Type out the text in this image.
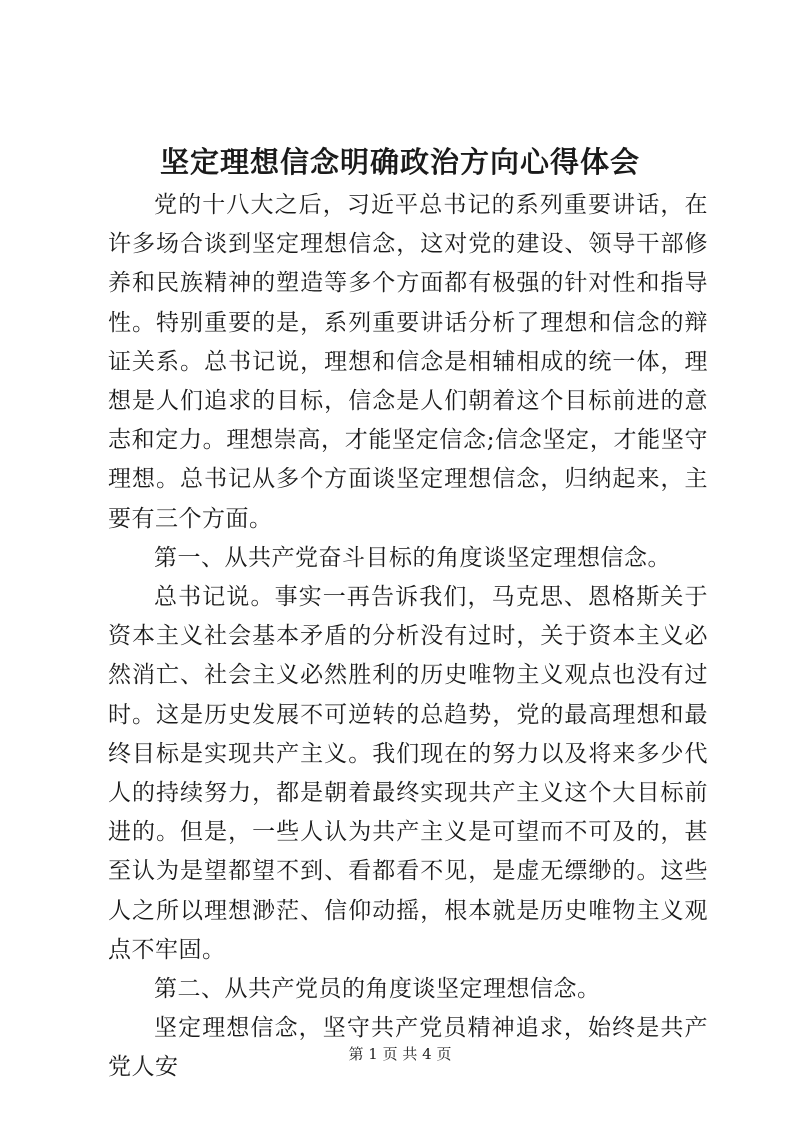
坚定理想信念明确政治方向心得体会

党的十八大之后，习近平总书记的系列重要讲话，在许多场合谈到坚定理想信念，这对党的建设、领导干部修养和民族精神的塑造等多个方面都有极强的针对性和指导性。特别重要的是，系列重要讲话分析了理想和信念的辩证关系。总书记说，理想和信念是相辅相成的统一体，理想是人们追求的目标，信念是人们朝着这个目标前进的意志和定力。理想崇高，才能坚定信念;信念坚定，才能坚守理想。总书记从多个方面谈坚定理想信念，归纳起来，主要有三个方面。

第一、从共产党奋斗目标的角度谈坚定理想信念。

总书记说。事实一再告诉我们，马克思、恩格斯关于资本主义社会基本矛盾的分析没有过时，关于资本主义必然消亡、社会主义必然胜利的历史唯物主义观点也没有过时。这是历史发展不可逆转的总趋势，党的最高理想和最终目标是实现共产主义。我们现在的努力以及将来多少代人的持续努力，都是朝着最终实现共产主义这个大目标前进的。但是，一些人认为共产主义是可望而不可及的，甚至认为是望都望不到、看都看不见，是虚无缥缈的。这些人之所以理想渺茫、信仰动摇，根本就是历史唯物主义观点不牢固。

第二、从共产党员的角度谈坚定理想信念。

坚定理想信念，坚守共产党员精神追求，始终是共产党人安

第 1 页 共 4 页
